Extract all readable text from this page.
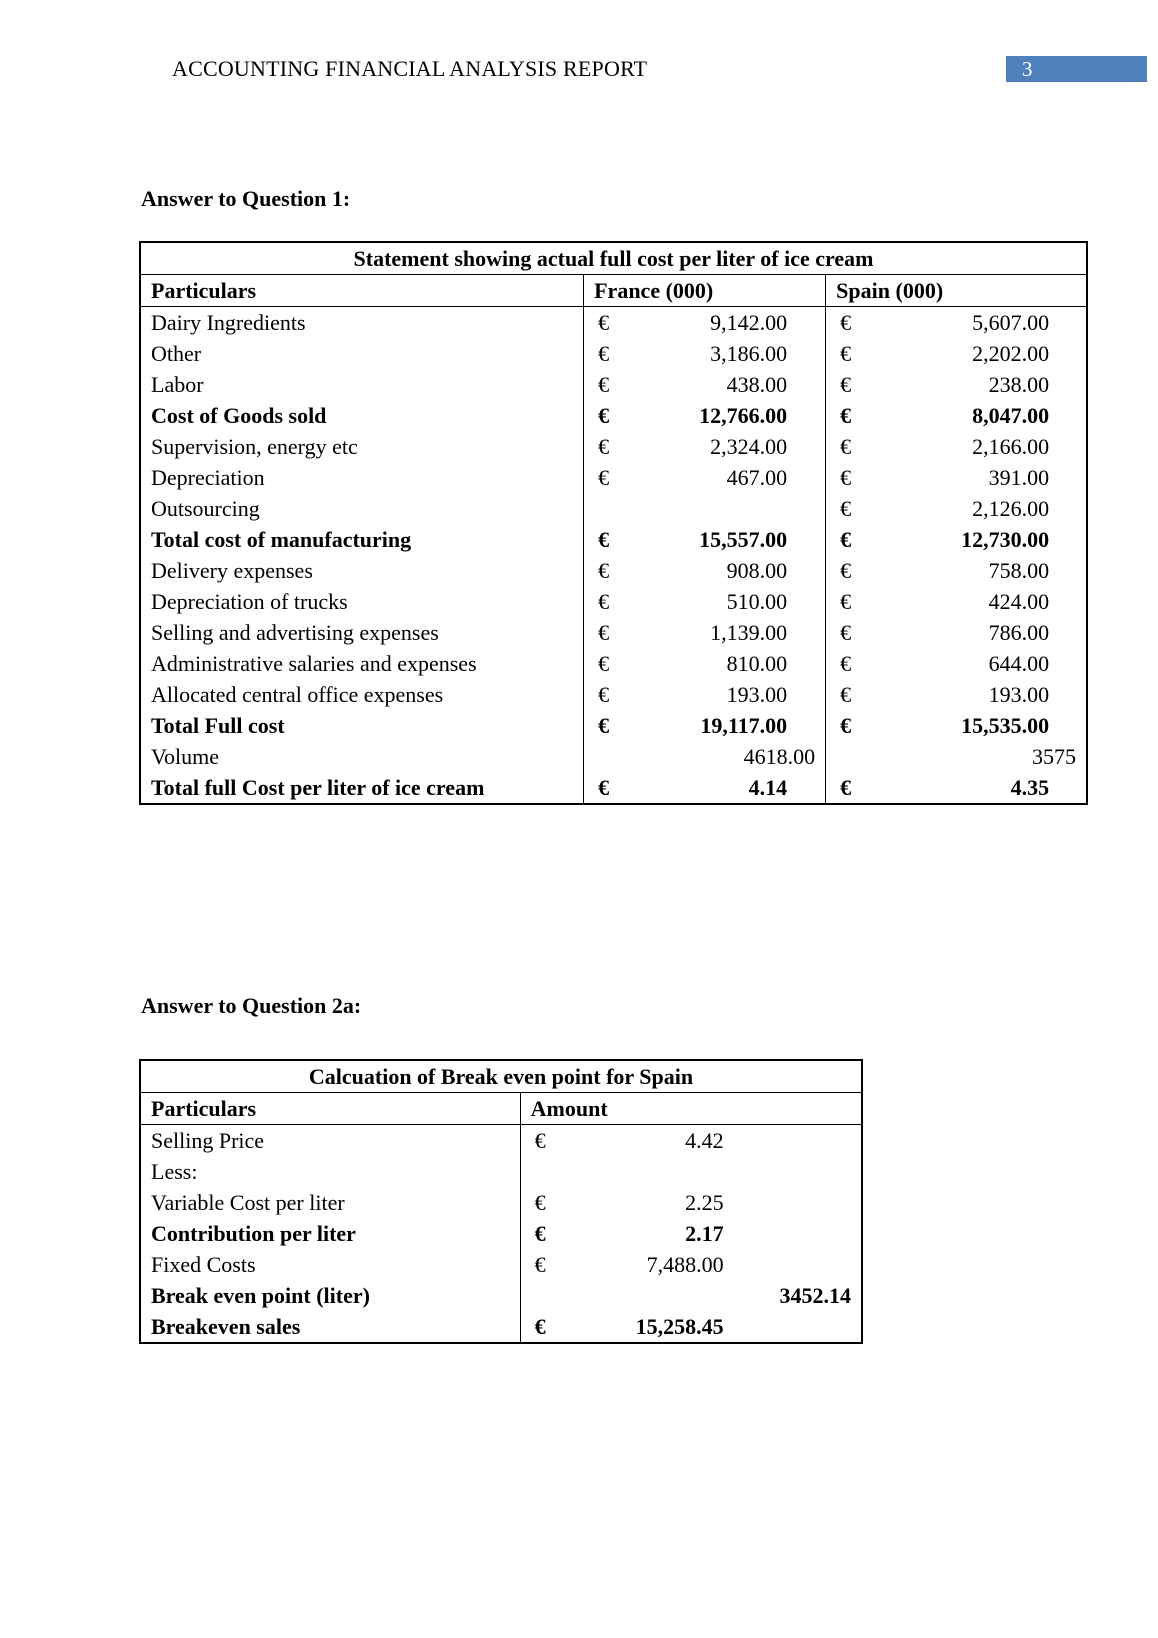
ACCOUNTING FINANCIAL ANALYSIS REPORT	3
Answer to Question 1:
Statement showing actual full cost per liter of ice cream		
Particulars	France (000)	Spain (000)
Dairy Ingredients	€ 9,142.00	€ 5,607.00

Other	€ 3,186.00	€ 2,202.00

Labor	€ 438.00	€ 238.00

Cost of Goods sold	€ 12,766.00	€ 8,047.00

Supervision, energy etc	€ 2,324.00	€ 2,166.00

Depreciation	€ 467.00	€ 391.00

Outsourcing		€ 2,126.00

Total cost of manufacturing	€ 15,557.00	€ 12,730.00

Delivery expenses	€ 908.00	€ 758.00

Depreciation of trucks	€ 510.00	€ 424.00

Selling and advertising expenses	€ 1,139.00	€ 786.00

Administrative salaries and expenses	€ 810.00	€ 644.00

Allocated central office expenses	€ 193.00	€ 193.00

Total Full cost	€ 19,117.00	€ 15,535.00

Volume	4618.00	3575
Total full Cost per liter of ice cream	€ 4.14	€ 4.35
Answer to Question 2a:
Calcuation of Break even point for Spain		
Particulars	Amount	
Selling Price	€ 4.42	

Less:		
Variable Cost per liter	€ 2.25	

Contribution per liter	€ 2.17	

Fixed Costs	€ 7,488.00	

Break even point (liter)		3452.14
Breakeven sales	€ 15,258.45	
